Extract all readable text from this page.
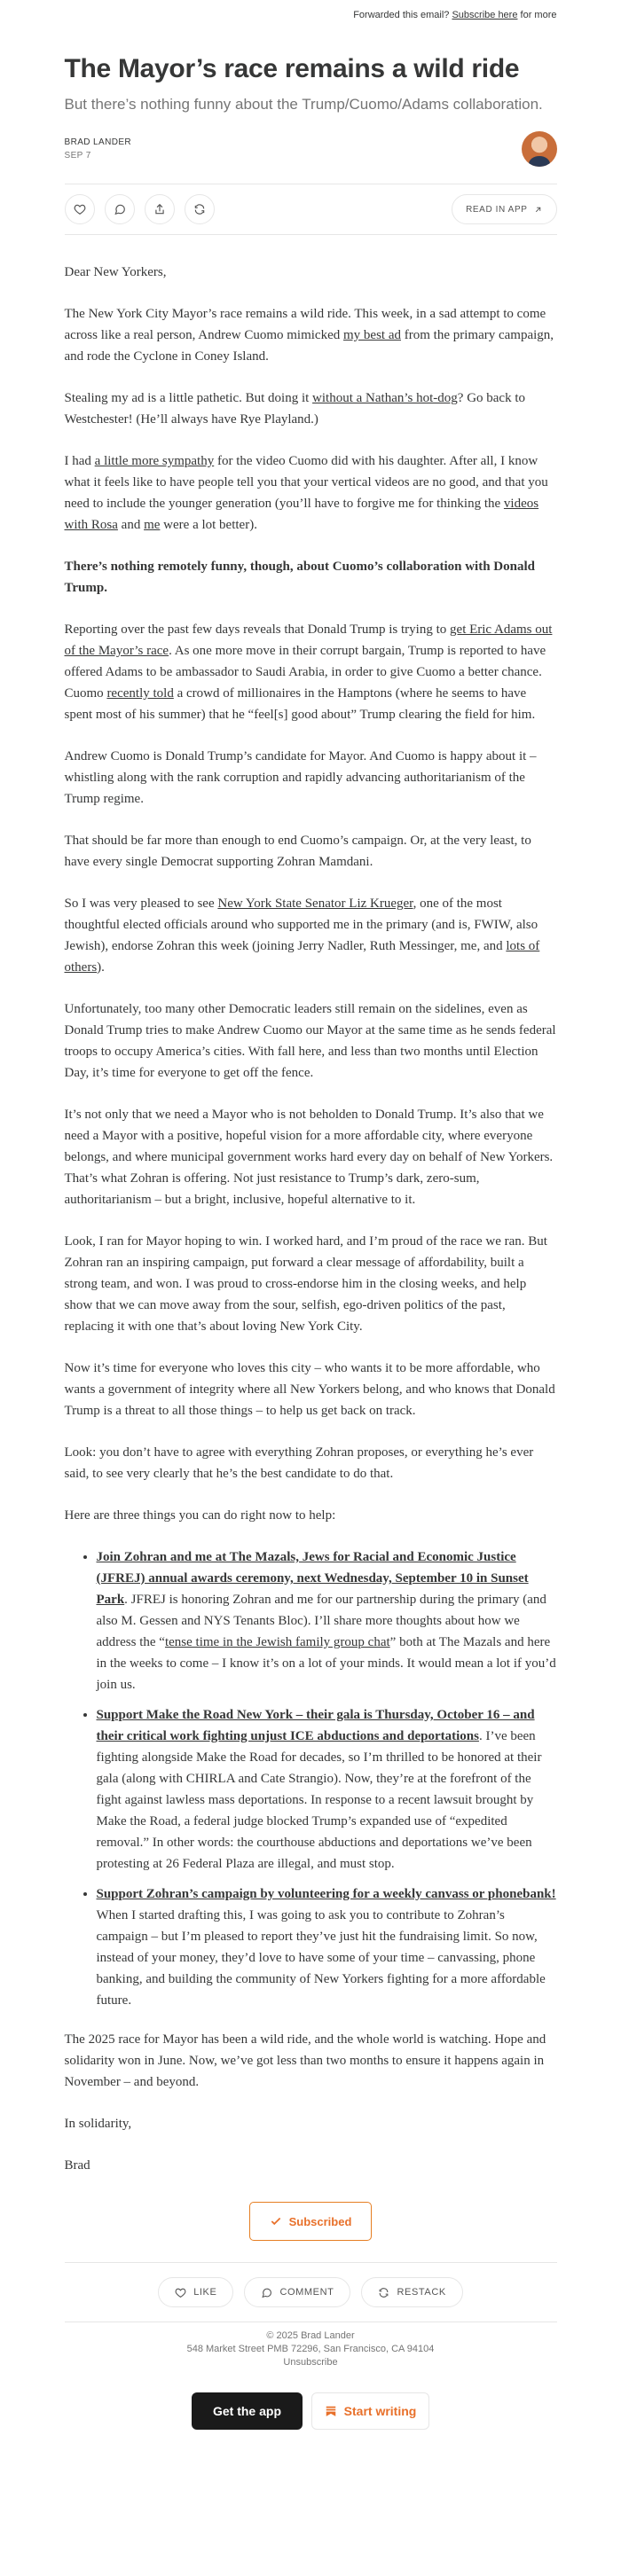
Forwarded this email? Subscribe here for more
The Mayor’s race remains a wild ride
But there’s nothing funny about the Trump/Cuomo/Adams collaboration.
BRAD LANDER
SEP 7
READ IN APP

Dear New Yorkers,

The New York City Mayor’s race remains a wild ride. This week, in a sad attempt to come across like a real person, Andrew Cuomo mimicked my best ad from the primary campaign, and rode the Cyclone in Coney Island.

Stealing my ad is a little pathetic. But doing it without a Nathan’s hot-dog? Go back to Westchester! (He’ll always have Rye Playland.)

I had a little more sympathy for the video Cuomo did with his daughter. After all, I know what it feels like to have people tell you that your vertical videos are no good, and that you need to include the younger generation (you’ll have to forgive me for thinking the videos with Rosa and me were a lot better).

There’s nothing remotely funny, though, about Cuomo’s collaboration with Donald Trump.

Reporting over the past few days reveals that Donald Trump is trying to get Eric Adams out of the Mayor’s race. As one more move in their corrupt bargain, Trump is reported to have offered Adams to be ambassador to Saudi Arabia, in order to give Cuomo a better chance. Cuomo recently told a crowd of millionaires in the Hamptons (where he seems to have spent most of his summer) that he “feel[s] good about” Trump clearing the field for him.

Andrew Cuomo is Donald Trump’s candidate for Mayor. And Cuomo is happy about it – whistling along with the rank corruption and rapidly advancing authoritarianism of the Trump regime.

That should be far more than enough to end Cuomo’s campaign. Or, at the very least, to have every single Democrat supporting Zohran Mamdani.

So I was very pleased to see New York State Senator Liz Krueger, one of the most thoughtful elected officials around who supported me in the primary (and is, FWIW, also Jewish), endorse Zohran this week (joining Jerry Nadler, Ruth Messinger, me, and lots of others).

Unfortunately, too many other Democratic leaders still remain on the sidelines, even as Donald Trump tries to make Andrew Cuomo our Mayor at the same time as he sends federal troops to occupy America’s cities. With fall here, and less than two months until Election Day, it’s time for everyone to get off the fence.

It’s not only that we need a Mayor who is not beholden to Donald Trump. It’s also that we need a Mayor with a positive, hopeful vision for a more affordable city, where everyone belongs, and where municipal government works hard every day on behalf of New Yorkers. That’s what Zohran is offering. Not just resistance to Trump’s dark, zero-sum, authoritarianism – but a bright, inclusive, hopeful alternative to it.

Look, I ran for Mayor hoping to win. I worked hard, and I’m proud of the race we ran. But Zohran ran an inspiring campaign, put forward a clear message of affordability, built a strong team, and won. I was proud to cross-endorse him in the closing weeks, and help show that we can move away from the sour, selfish, ego-driven politics of the past, replacing it with one that’s about loving New York City.

Now it’s time for everyone who loves this city – who wants it to be more affordable, who wants a government of integrity where all New Yorkers belong, and who knows that Donald Trump is a threat to all those things – to help us get back on track.

Look: you don’t have to agree with everything Zohran proposes, or everything he’s ever said, to see very clearly that he’s the best candidate to do that.

Here are three things you can do right now to help:

• Join Zohran and me at The Mazals, Jews for Racial and Economic Justice (JFREJ) annual awards ceremony, next Wednesday, September 10 in Sunset Park. JFREJ is honoring Zohran and me for our partnership during the primary (and also M. Gessen and NYS Tenants Bloc). I’ll share more thoughts about how we address the “tense time in the Jewish family group chat” both at The Mazals and here in the weeks to come – I know it’s on a lot of your minds. It would mean a lot if you’d join us.
• Support Make the Road New York – their gala is Thursday, October 16 – and their critical work fighting unjust ICE abductions and deportations. I’ve been fighting alongside Make the Road for decades, so I’m thrilled to be honored at their gala (along with CHIRLA and Cate Strangio). Now, they’re at the forefront of the fight against lawless mass deportations. In response to a recent lawsuit brought by Make the Road, a federal judge blocked Trump’s expanded use of “expedited removal.” In other words: the courthouse abductions and deportations we’ve been protesting at 26 Federal Plaza are illegal, and must stop.
• Support Zohran’s campaign by volunteering for a weekly canvass or phonebank! When I started drafting this, I was going to ask you to contribute to Zohran’s campaign – but I’m pleased to report they’ve just hit the fundraising limit. So now, instead of your money, they’d love to have some of your time – canvassing, phone banking, and building the community of New Yorkers fighting for a more affordable future.

The 2025 race for Mayor has been a wild ride, and the whole world is watching. Hope and solidarity won in June. Now, we’ve got less than two months to ensure it happens again in November – and beyond.

In solidarity,

Brad

Subscribed
LIKE	COMMENT	RESTACK
© 2025 Brad Lander
548 Market Street PMB 72296, San Francisco, CA 94104
Unsubscribe
Get the app	Start writing
